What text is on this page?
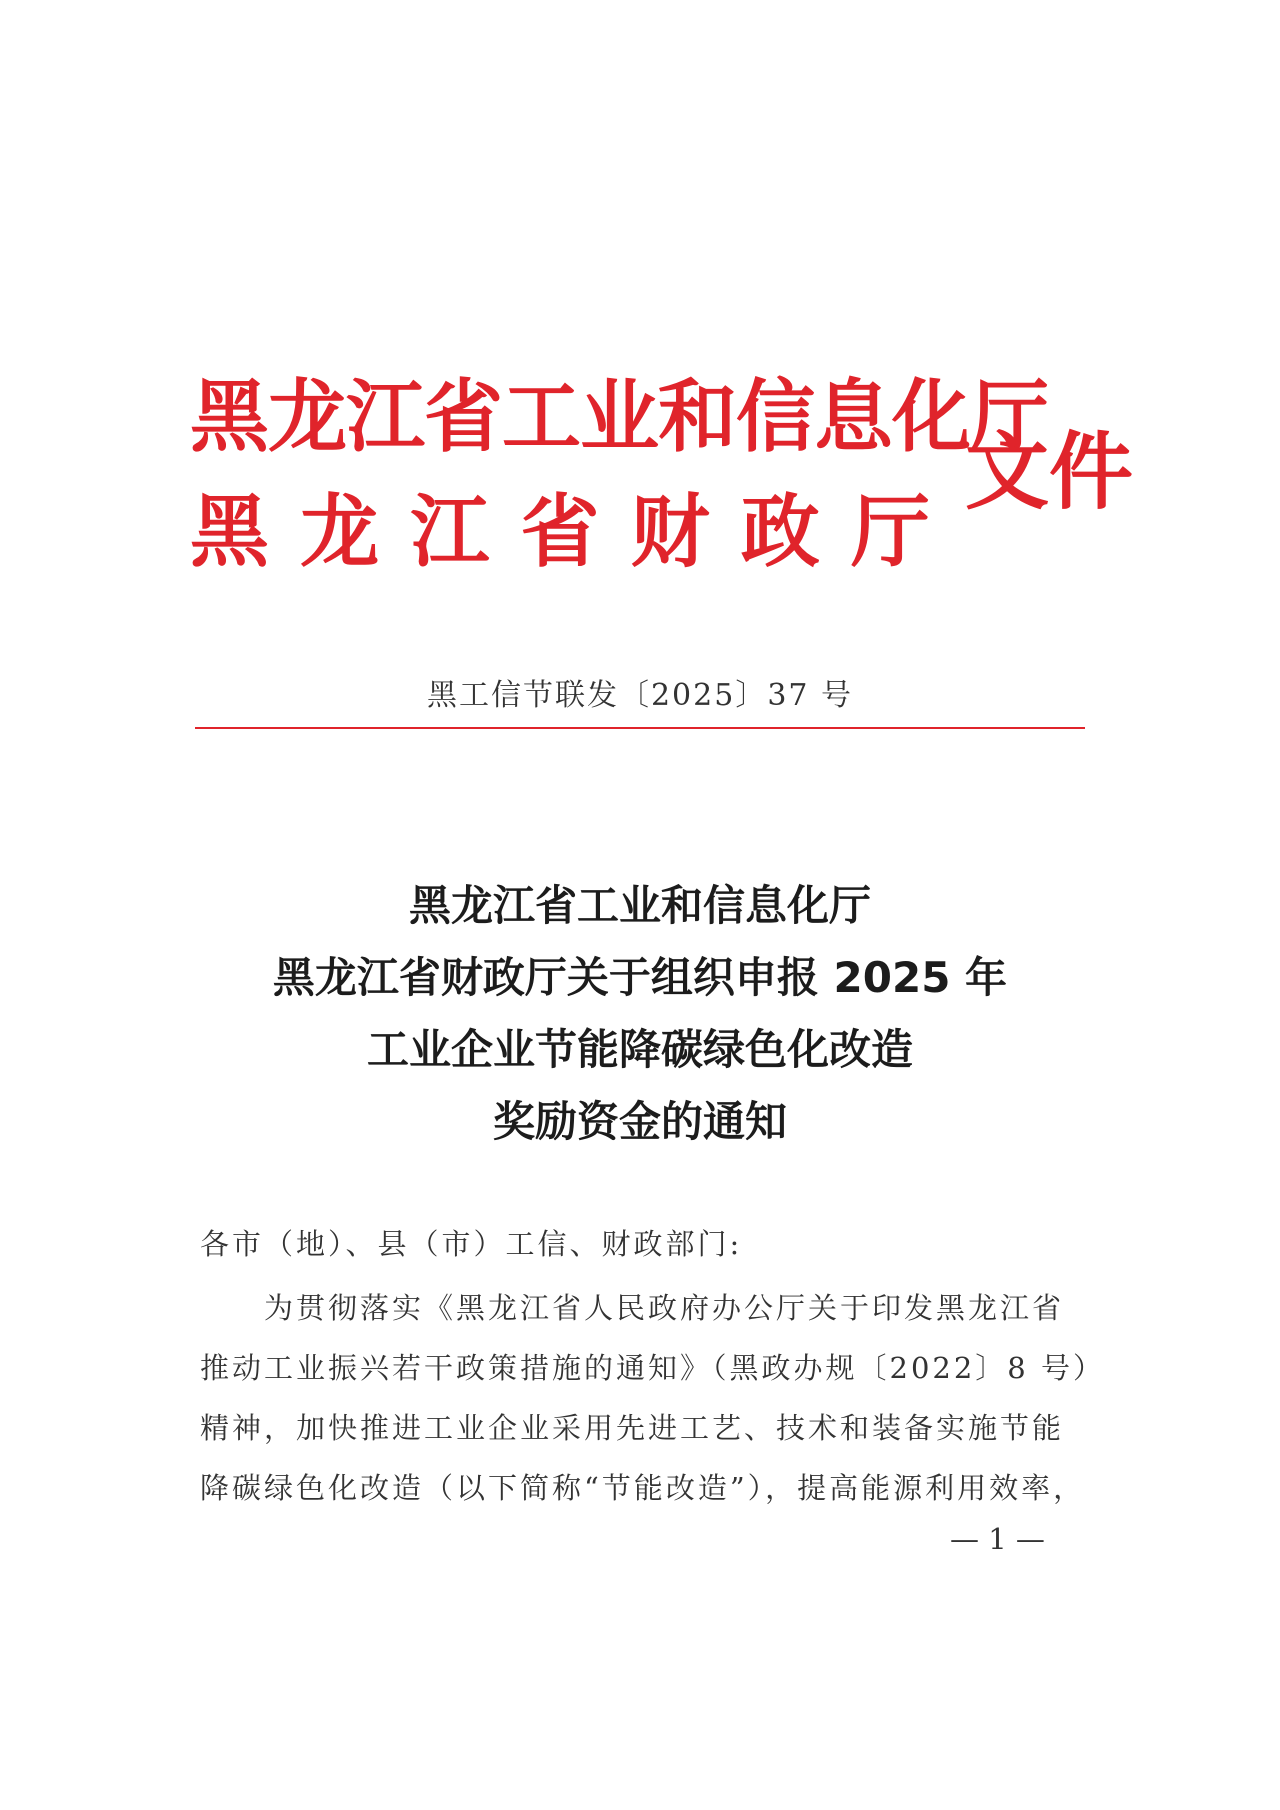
黑龙江省工业和信息化厅
黑 龙 江 省 财 政 厅
文件
黑工信节联发〔2025〕37 号
黑龙江省工业和信息化厅
黑龙江省财政厅关于组织申报 2025 年
工业企业节能降碳绿色化改造
奖励资金的通知
各市（地）、县（市）工信、财政部门:
为贯彻落实《黑龙江省人民政府办公厅关于印发黑龙江省
推动工业振兴若干政策措施的通知》（黑政办规〔2022〕8 号）
精神，加快推进工业企业采用先进工艺、技术和装备实施节能
降碳绿色化改造（以下简称“节能改造”），提高能源利用效率，
— 1 —
